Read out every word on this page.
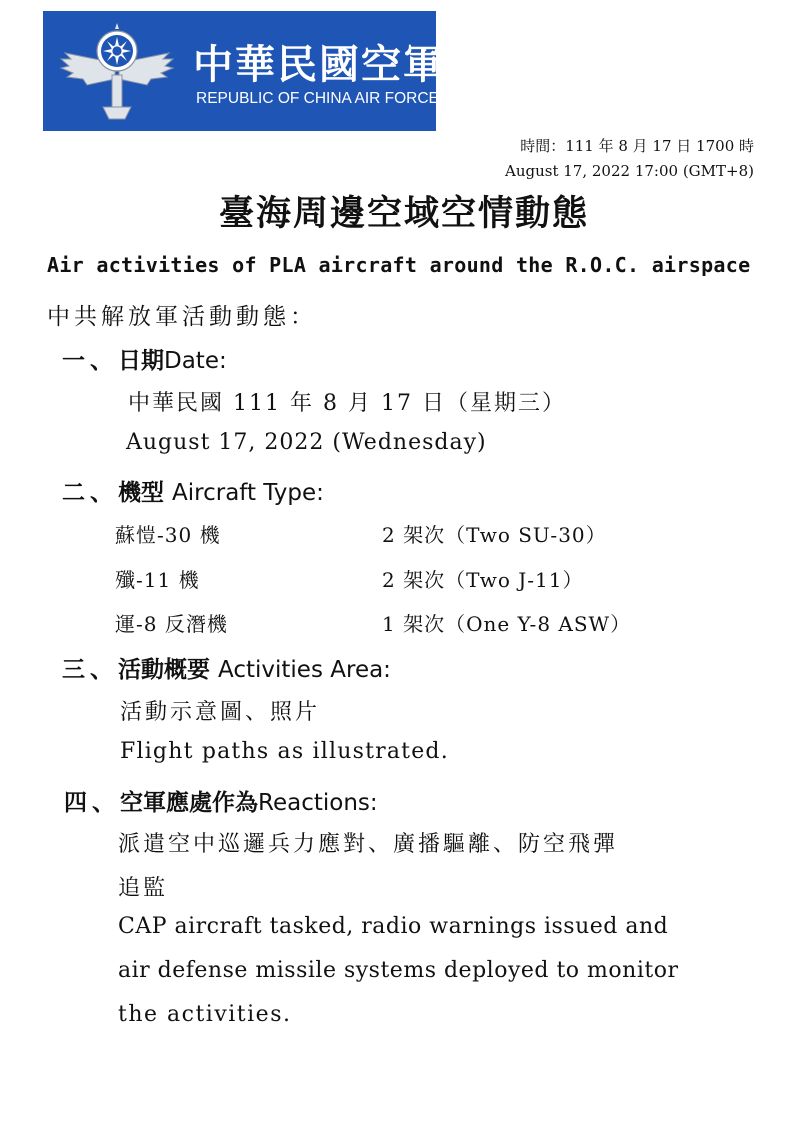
中華民國空軍
REPUBLIC OF CHINA AIR FORCE
時間：111 年 8 月 17 日 1700 時
August 17, 2022 17:00 (GMT+8)
臺海周邊空域空情動態
Air activities of PLA aircraft around the R.O.C. airspace
中共解放軍活動動態：
一、日期Date:
中華民國 111 年 8 月 17 日（星期三）
August 17, 2022 (Wednesday)
二、機型 Aircraft Type:
蘇愷-30 機	2 架次（Two SU-30）
殲-11 機	2 架次（Two J-11）
運-8 反潛機	1 架次（One Y-8 ASW）
三、活動概要 Activities Area:
活動示意圖、照片
Flight paths as illustrated.
四、空軍應處作為Reactions:
派遣空中巡邏兵力應對、廣播驅離、防空飛彈
追監
CAP aircraft tasked, radio warnings issued and
air defense missile systems deployed to monitor
the activities.
